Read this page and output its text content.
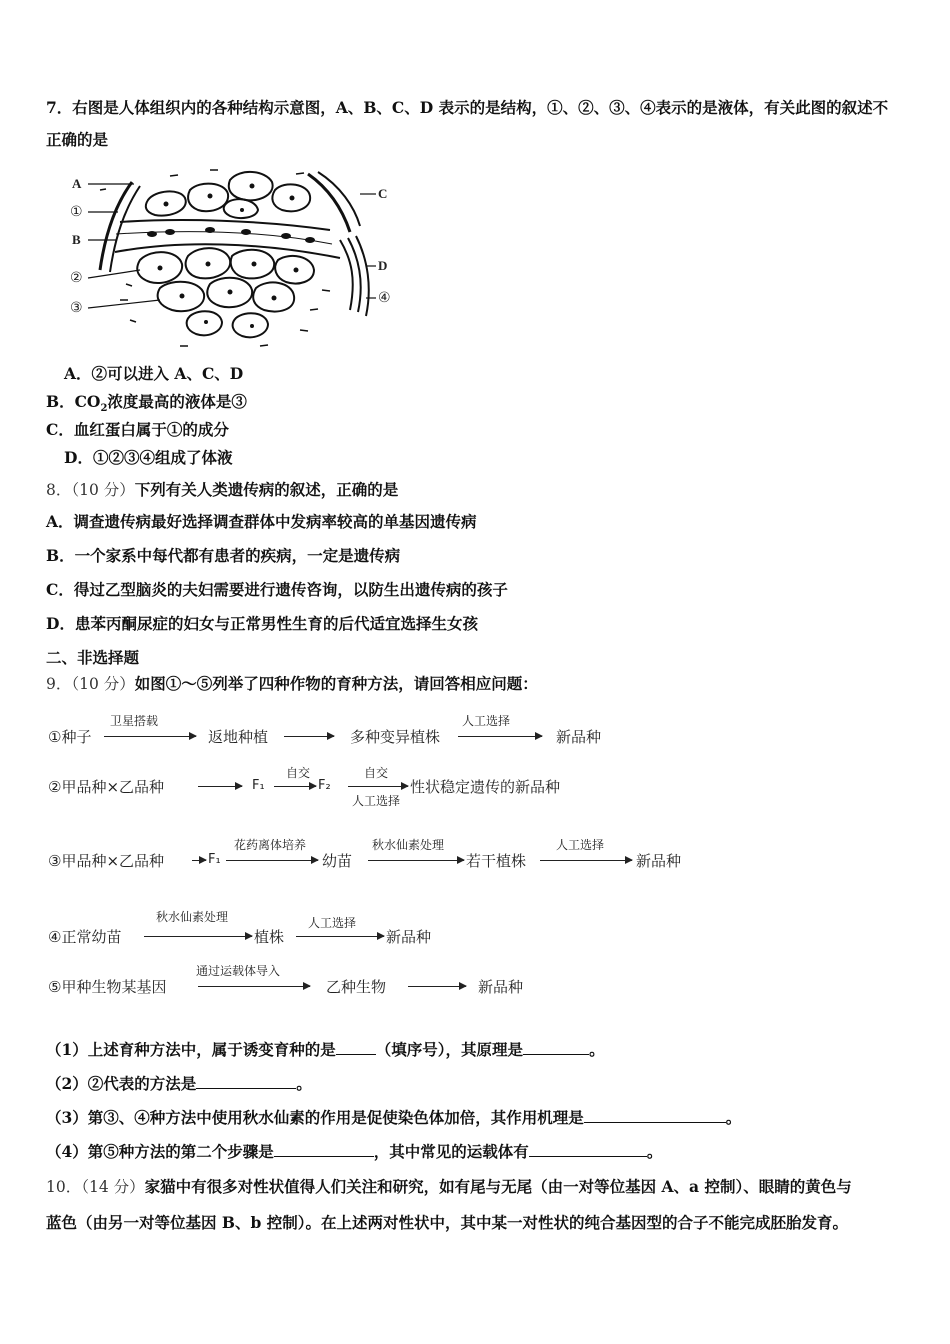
7．右图是人体组织内的各种结构示意图，A、B、C、D 表示的是结构，①、②、③、④表示的是液体，有关此图的叙述不
正确的是
A
①
B
②
③
C
D
④
A．②可以进入 A、C、D
B．$CO_2$浓度最高的液体是③
C．血红蛋白属于①的成分
D．①②③④组成了体液
8．（10 分）下列有关人类遗传病的叙述，正确的是
A．调查遗传病最好选择调查群体中发病率较高的单基因遗传病
B．一个家系中每代都有患者的疾病，一定是遗传病
C．得过乙型脑炎的夫妇需要进行遗传咨询，以防生出遗传病的孩子
D．患苯丙酮尿症的妇女与正常男性生育的后代适宜选择生女孩
二、非选择题
9．（10 分）如图①～⑤列举了四种作物的育种方法，请回答相应问题：
①种子
卫星搭载
返地种植	多种变异植株
人工选择
新品种
②甲品种×乙品种	F₁
自交
F₂
自交
人工选择
性状稳定遗传的新品种
③甲品种×乙品种	F₁
花药离体培养
幼苗
秋水仙素处理
若干植株
人工选择
新品种
④正常幼苗
秋水仙素处理
植株
人工选择
新品种
⑤甲种生物某基因
通过运载体导入
乙种生物	新品种
（1）上述育种方法中，属于诱变育种的是	（填序号），其原理是	。
（2）②代表的方法是	。
（3）第③、④种方法中使用秋水仙素的作用是促使染色体加倍，其作用机理是	。
（4）第⑤种方法的第二个步骤是	，其中常见的运载体有	。
10．（14 分）家猫中有很多对性状值得人们关注和研究，如有尾与无尾（由一对等位基因 A、a 控制）、眼睛的黄色与
蓝色（由另一对等位基因 B、b 控制）。在上述两对性状中，其中某一对性状的纯合基因型的合子不能完成胚胎发育。
